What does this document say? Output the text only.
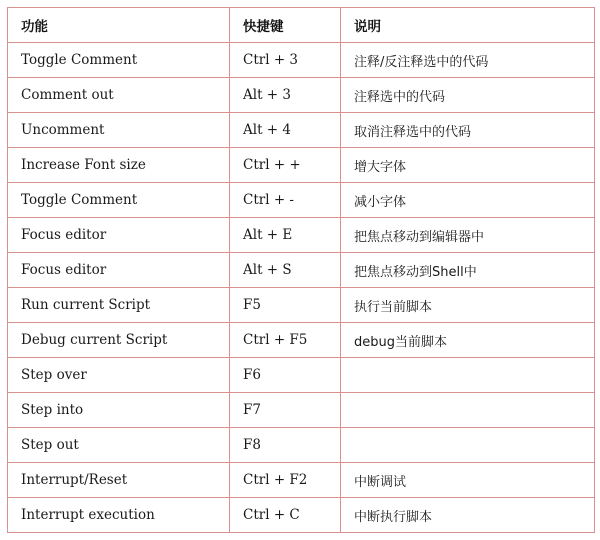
功能	快捷键	说明
Toggle Comment	Ctrl + 3	注释/反注释选中的代码
Comment out	Alt + 3	注释选中的代码
Uncomment	Alt + 4	取消注释选中的代码
Increase Font size	Ctrl + +	增大字体
Toggle Comment	Ctrl + -	减小字体
Focus editor	Alt + E	把焦点移动到编辑器中
Focus editor	Alt + S	把焦点移动到Shell中
Run current Script	F5	执行当前脚本
Debug current Script	Ctrl + F5	debug当前脚本
Step over	F6	
Step into	F7	
Step out	F8	
Interrupt/Reset	Ctrl + F2	中断调试
Interrupt execution	Ctrl + C	中断执行脚本
